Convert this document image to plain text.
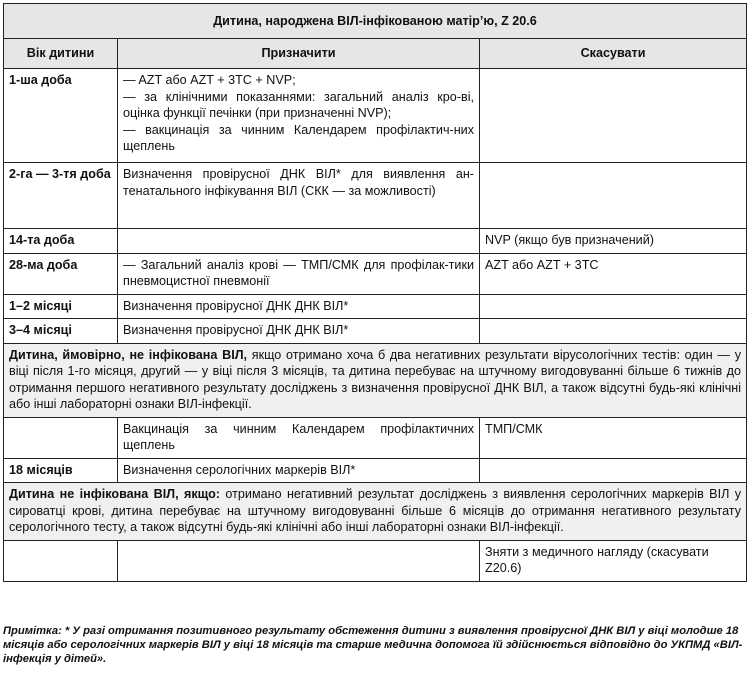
Дитина, народжена ВІЛ-інфікованою матір’ю, Z 20.6		
Вік дитини	Призначити	Скасувати
1-ша доба	— AZT або AZT + 3TC + NVP;
— за клінічними показаннями: загальний аналіз кро-ві, оцінка функції печінки (при призначенні NVP);
— вакцинація за чинним Календарем профілактич-них щеплень	

2-га — 3-тя доба	Визначення провірусної ДНК ВІЛ* для виявлення ан-тенатального інфікування ВІЛ (СКК — за можливості)	
14-та доба		NVP (якщо був призначений)
28-ма доба	— Загальний аналіз крові — ТМП/СМК для профілак-тики пневмоцистної пневмонії	AZT або AZT + 3TC
1–2 місяці	Визначення провірусної ДНК ДНК ВІЛ*	
3–4 місяці	Визначення провірусної ДНК ДНК ВІЛ*	
Дитина, ймовірно, не інфікована ВІЛ, якщо отримано хоча б два негативних результати вірусологічних тестів: один — у віці після 1-го місяця, другий — у віці після 3 місяців, та дитина перебуває на штучному вигодовуванні більше 6 тижнів до отримання першого негативного результату досліджень з визначення провірусної ДНК ВІЛ, а також відсутні будь-які клінічні або інші лабораторні ознаки ВІЛ-інфекції.		
	Вакцинація за чинним Календарем профілактичних щеплень	ТМП/СМК
18 місяців	Визначення серологічних маркерів ВІЛ*	
Дитина не інфікована ВІЛ, якщо: отримано негативний результат досліджень з виявлення серологічних маркерів ВІЛ у сироватці крові, дитина перебуває на штучному вигодовуванні більше 6 місяців до отримання негативного результату серологічного тесту, а також відсутні будь-які клінічні або інші лабораторні ознаки ВІЛ-інфекції.		
		Зняти з медичного нагляду (скасувати Z20.6)
Примітка: * У разі отримання позитивного результату обстеження дитини з виявлення провірусної ДНК ВІЛ у віці молодше 18 місяців або серологічних маркерів ВІЛ у віці 18 місяців та старше медична допомога їй здійснюється відповідно до УКПМД «ВІЛ-інфекція у дітей».
